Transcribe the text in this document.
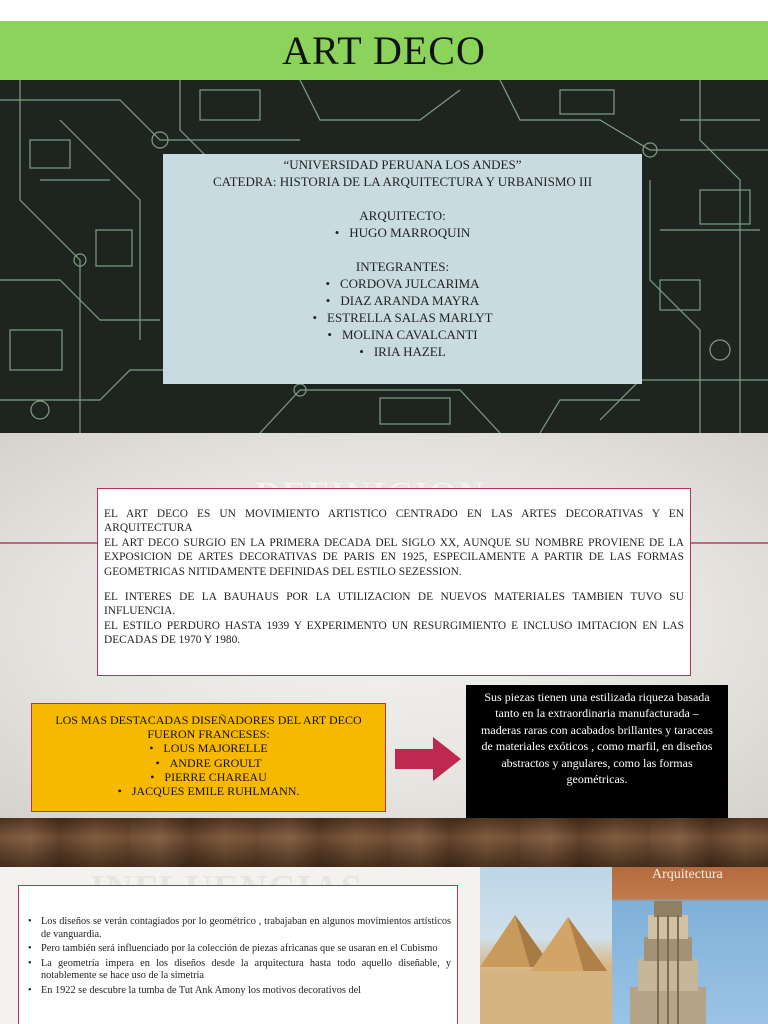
ART DECO
“UNIVERSIDAD PERUANA LOS ANDES”
CATEDRA: HISTORIA DE LA ARQUITECTURA Y URBANISMO III
ARQUITECTO:
• HUGO MARROQUIN
INTEGRANTES:
• CORDOVA JULCARIMA
• DIAZ ARANDA MAYRA
• ESTRELLA SALAS MARLYT
• MOLINA CAVALCANTI
• IRIA HAZEL

EL ART DECO ES UN MOVIMIENTO ARTISTICO CENTRADO EN LAS ARTES DECORATIVAS Y EN ARQUITECTURA

EL ART DECO SURGIO EN LA PRIMERA DECADA DEL SIGLO XX, AUNQUE SU NOMBRE PROVIENE DE LA EXPOSICION DE ARTES DECORATIVAS DE PARIS EN 1925, ESPECILAMENTE A PARTIR DE LAS FORMAS GEOMETRICAS NITIDAMENTE DEFINIDAS DEL ESTILO SEZESSION.

EL INTERES DE LA BAUHAUS POR LA UTILIZACION DE NUEVOS MATERIALES TAMBIEN TUVO SU INFLUENCIA.

EL ESTILO PERDURO HASTA 1939 Y EXPERIMENTO UN RESURGIMIENTO E INCLUSO IMITACION EN LAS DECADAS DE 1970 Y 1980.

LOS MAS DESTACADAS DISEÑADORES DEL ART DECO FUERON FRANCESES:
• LOUS MAJORELLE
• ANDRE GROULT
• PIERRE CHAREAU
• JACQUES EMILE RUHLMANN.
Sus piezas tienen una estilizada riqueza basada tanto en la extraordinaria manufacturada – maderas raras con acabados brillantes y taraceas de materiales exóticos , como marfil, en diseños abstractos y angulares, como las formas geométricas.
• Los diseños se verán contagiados por lo geométrico , trabajaban en algunos movimientos artísticos de vanguardia.
• Pero también será influenciado por la colección de piezas africanas que se usaran en el Cubismo
• La geometría impera en los diseños desde la arquitectura hasta todo aquello diseñable, y notablemente se hace uso de la simetría
• En 1922 se descubre la tumba de Tut Ank Amony los motivos decorativos del
Arquitectura
